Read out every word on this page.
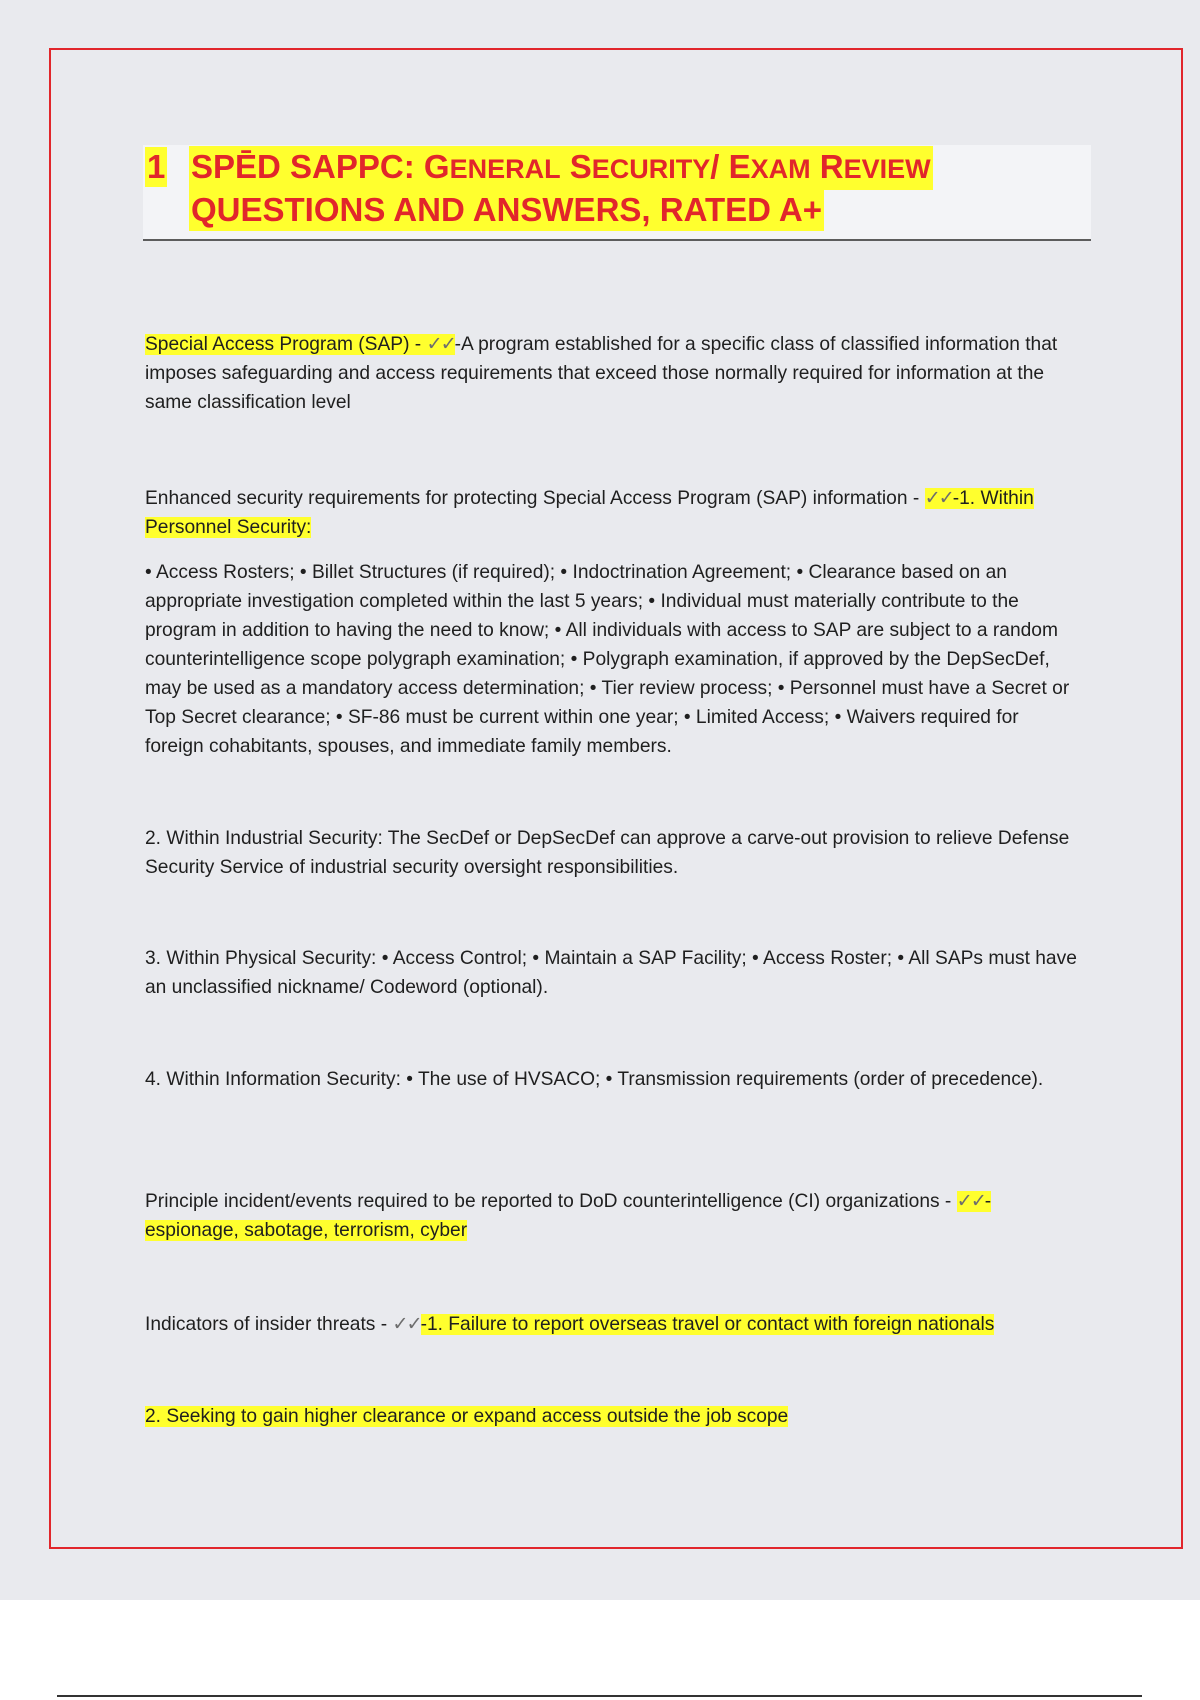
1 SPĒD SAPPC: GENERAL SECURITY/ EXAM REVIEW
QUESTIONS AND ANSWERS, RATED A+
Special Access Program (SAP) - ✓✓-A program established for a specific class of classified information that imposes safeguarding and access requirements that exceed those normally required for information at the same classification level
Enhanced security requirements for protecting Special Access Program (SAP) information - ✓✓-1. Within Personnel Security:
• Access Rosters; • Billet Structures (if required); • Indoctrination Agreement; • Clearance based on an appropriate investigation completed within the last 5 years; • Individual must materially contribute to the program in addition to having the need to know; • All individuals with access to SAP are subject to a random counterintelligence scope polygraph examination; • Polygraph examination, if approved by the DepSecDef, may be used as a mandatory access determination; • Tier review process; • Personnel must have a Secret or Top Secret clearance; • SF-86 must be current within one year; • Limited Access; • Waivers required for foreign cohabitants, spouses, and immediate family members.
2. Within Industrial Security: The SecDef or DepSecDef can approve a carve-out provision to relieve Defense Security Service of industrial security oversight responsibilities.
3. Within Physical Security: • Access Control; • Maintain a SAP Facility; • Access Roster; • All SAPs must have an unclassified nickname/ Codeword (optional).
4. Within Information Security: • The use of HVSACO; • Transmission requirements (order of precedence).
Principle incident/events required to be reported to DoD counterintelligence (CI) organizations - ✓✓-espionage, sabotage, terrorism, cyber
Indicators of insider threats - ✓✓-1. Failure to report overseas travel or contact with foreign nationals
2. Seeking to gain higher clearance or expand access outside the job scope
